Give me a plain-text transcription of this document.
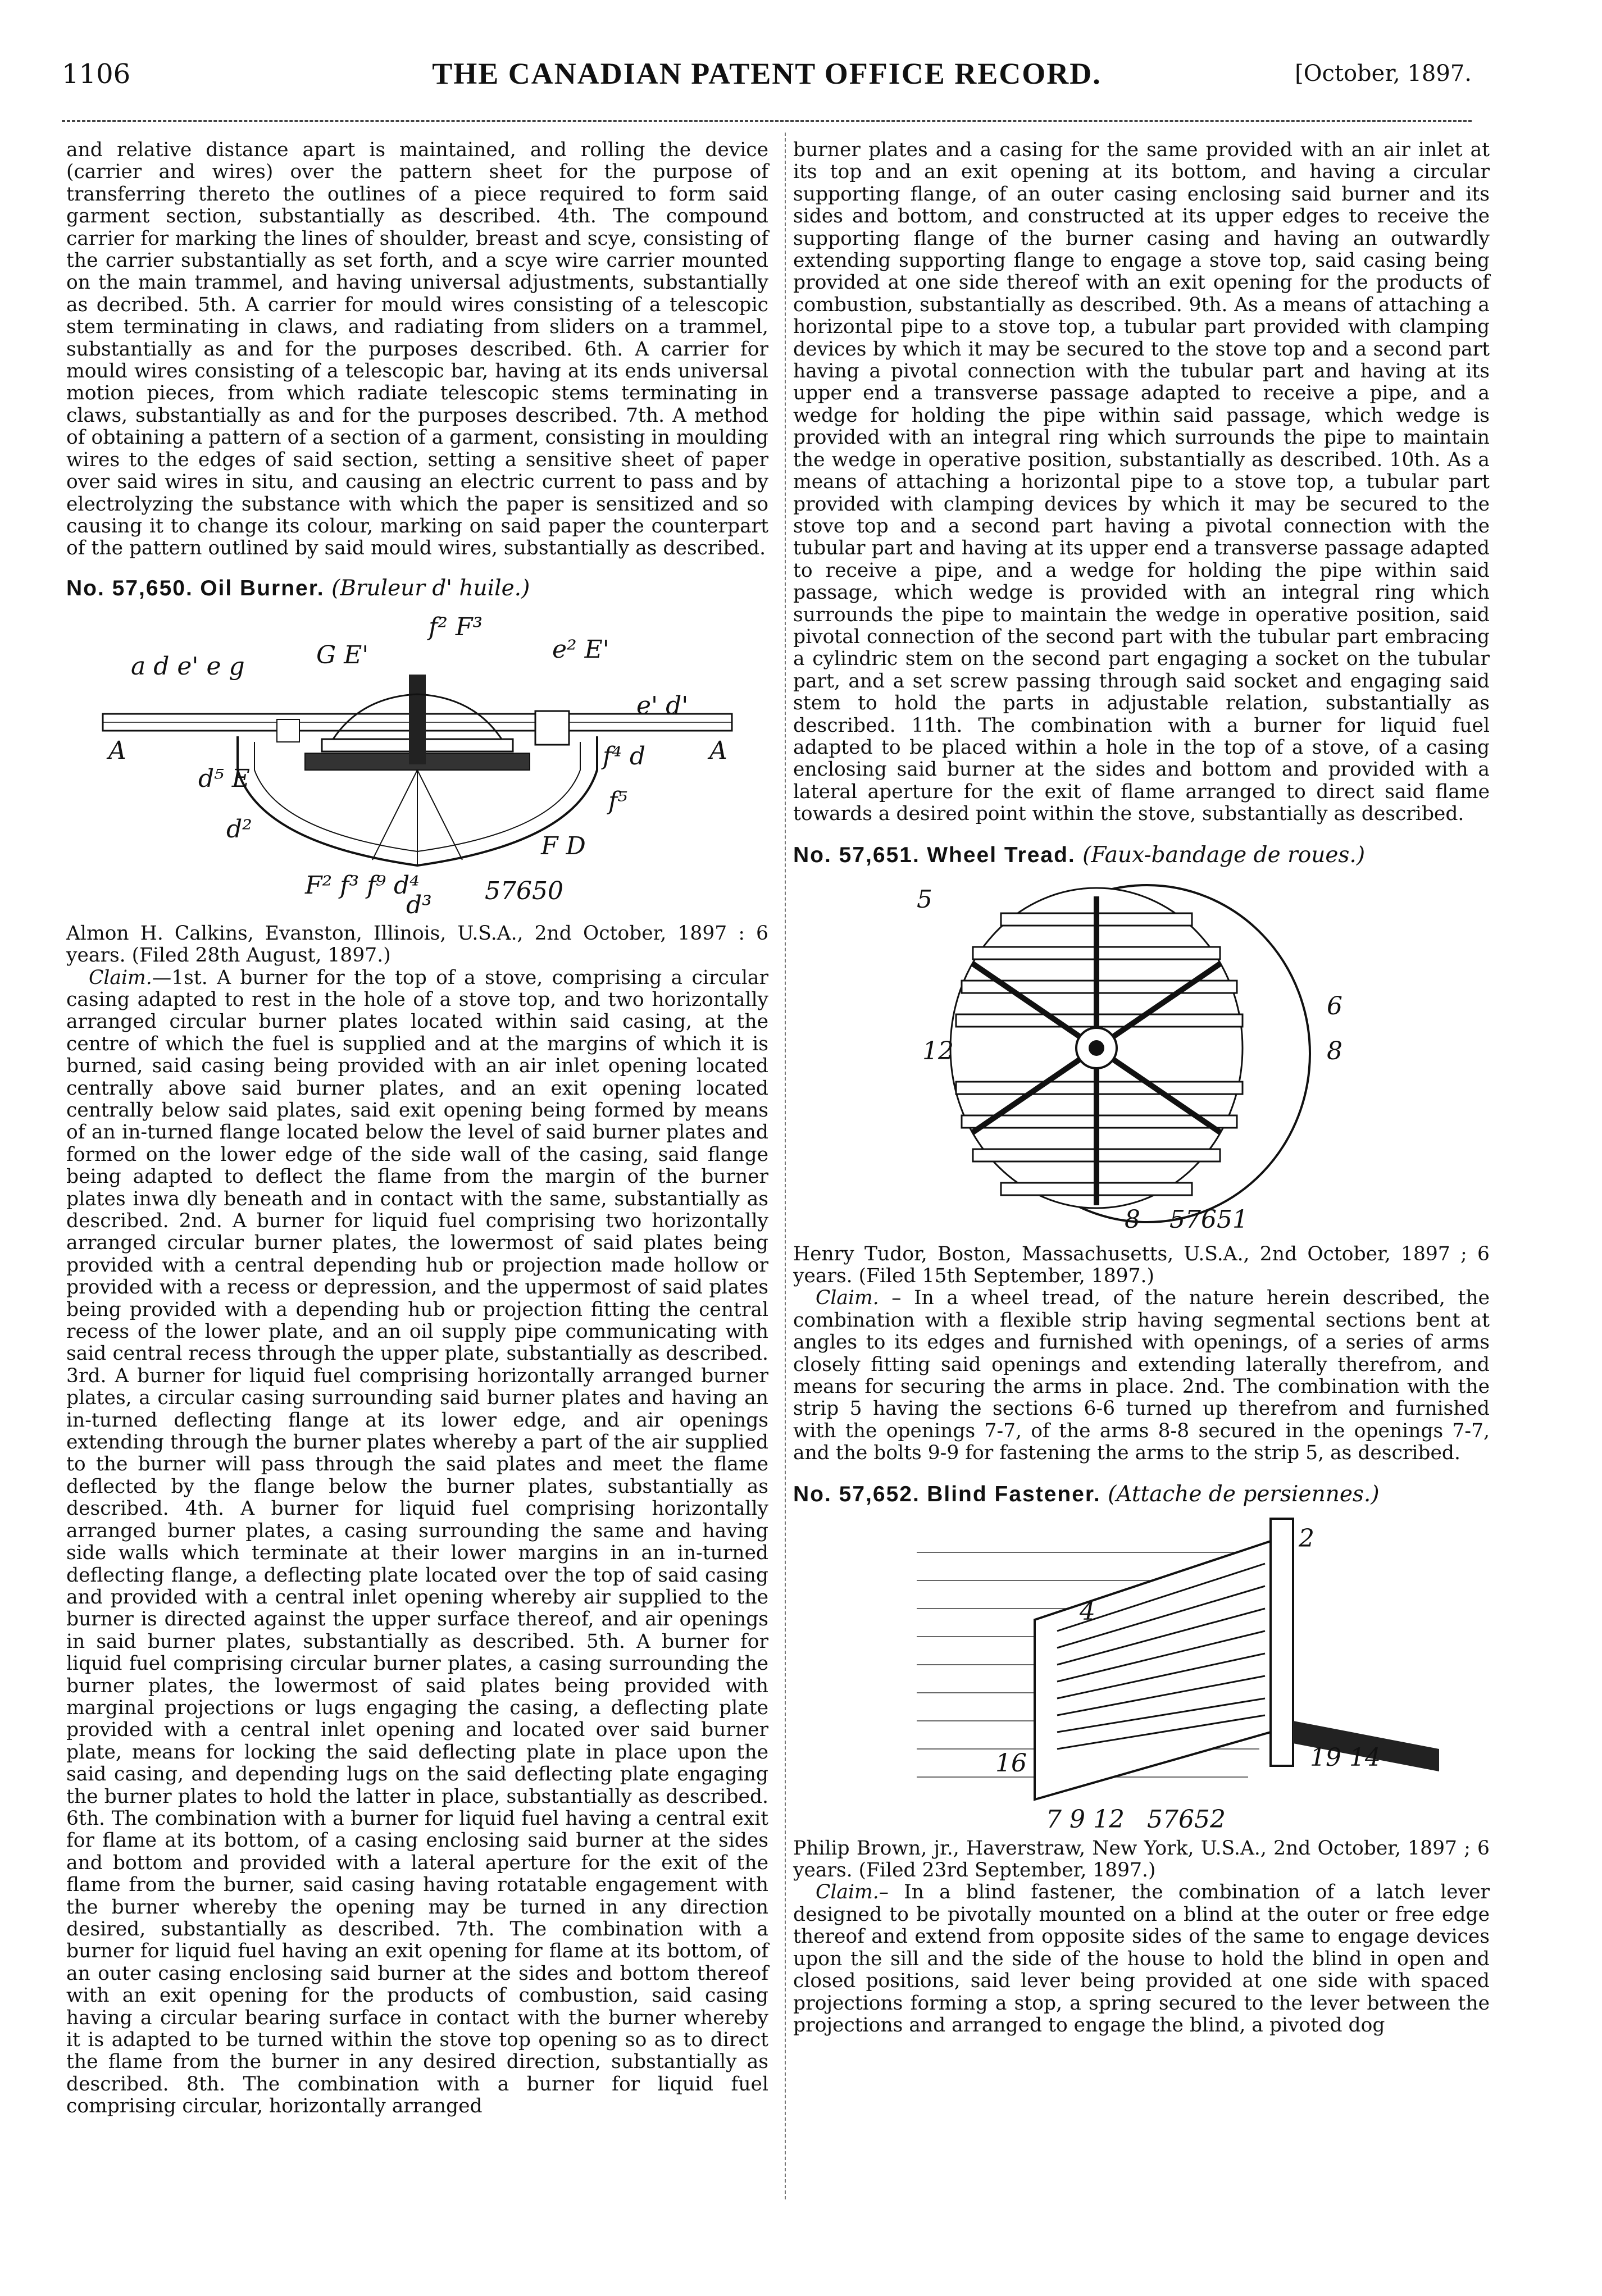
1106	THE CANADIAN PATENT OFFICE RECORD.	[October, 1897.

and relative distance apart is maintained, and rolling the device (carrier and wires) over the pattern sheet for the purpose of transferring thereto the outlines of a piece required to form said garment section, substantially as described. 4th. The compound carrier for marking the lines of shoulder, breast and scye, consisting of the carrier substantially as set forth, and a scye wire carrier mounted on the main trammel, and having universal adjustments, substantially as decribed. 5th. A carrier for mould wires consisting of a telescopic stem terminating in claws, and radiating from sliders on a trammel, substantially as and for the purposes described. 6th. A carrier for mould wires consisting of a telescopic bar, having at its ends universal motion pieces, from which radiate telescopic stems terminating in claws, substantially as and for the purposes described. 7th. A method of obtaining a pattern of a section of a garment, consisting in moulding wires to the edges of said section, setting a sensitive sheet of paper over said wires in situ, and causing an electric current to pass and by electrolyzing the substance with which the paper is sensitized and so causing it to change its colour, marking on said paper the counterpart of the pattern outlined by said mould wires, substantially as described.

No. 57,650. Oil Burner. (Bruleur d' huile.)

a d e' e g	G E'
f² F³
e² E'
e' d'
A	A
d⁵ E
f⁴ d
f⁵
d²
F D
F² f³ f⁹ d⁴	57650
d³

Almon H. Calkins, Evanston, Illinois, U.S.A., 2nd October, 1897 : 6 years. (Filed 28th August, 1897.)

Claim.—1st. A burner for the top of a stove, comprising a circular casing adapted to rest in the hole of a stove top, and two horizontally arranged circular burner plates located within said casing, at the centre of which the fuel is supplied and at the margins of which it is burned, said casing being provided with an air inlet opening located centrally above said burner plates, and an exit opening located centrally below said plates, said exit opening being formed by means of an in-turned flange located below the level of said burner plates and formed on the lower edge of the side wall of the casing, said flange being adapted to deflect the flame from the margin of the burner plates inwa dly beneath and in contact with the same, substantially as described. 2nd. A burner for liquid fuel comprising two horizontally arranged circular burner plates, the lowermost of said plates being provided with a central depending hub or projection made hollow or provided with a recess or depression, and the uppermost of said plates being provided with a depending hub or projection fitting the central recess of the lower plate, and an oil supply pipe communicating with said central recess through the upper plate, substantially as described. 3rd. A burner for liquid fuel comprising horizontally arranged burner plates, a circular casing surrounding said burner plates and having an in-turned deflecting flange at its lower edge, and air openings extending through the burner plates whereby a part of the air supplied to the burner will pass through the said plates and meet the flame deflected by the flange below the burner plates, substantially as described. 4th. A burner for liquid fuel comprising horizontally arranged burner plates, a casing surrounding the same and having side walls which terminate at their lower margins in an in-turned deflecting flange, a deflecting plate located over the top of said casing and provided with a central inlet opening whereby air supplied to the burner is directed against the upper surface thereof, and air openings in said burner plates, substantially as described. 5th. A burner for liquid fuel comprising circular burner plates, a casing surrounding the burner plates, the lowermost of said plates being provided with marginal projections or lugs engaging the casing, a deflecting plate provided with a central inlet opening and located over said burner plate, means for locking the said deflecting plate in place upon the said casing, and depending lugs on the said deflecting plate engaging the burner plates to hold the latter in place, substantially as described. 6th. The combination with a burner for liquid fuel having a central exit for flame at its bottom, of a casing enclosing said burner at the sides and bottom and provided with a lateral aperture for the exit of the flame from the burner, said casing having rotatable engagement with the burner whereby the opening may be turned in any direction desired, substantially as described. 7th. The combination with a burner for liquid fuel having an exit opening for flame at its bottom, of an outer casing enclosing said burner at the sides and bottom thereof with an exit opening for the products of combustion, said casing having a circular bearing surface in contact with the burner whereby it is adapted to be turned within the stove top opening so as to direct the flame from the burner in any desired direction, substantially as described. 8th. The combination with a burner for liquid fuel comprising circular, horizontally arranged

burner plates and a casing for the same provided with an air inlet at its top and an exit opening at its bottom, and having a circular supporting flange, of an outer casing enclosing said burner and its sides and bottom, and constructed at its upper edges to receive the supporting flange of the burner casing and having an outwardly extending supporting flange to engage a stove top, said casing being provided at one side thereof with an exit opening for the products of combustion, substantially as described. 9th. As a means of attaching a horizontal pipe to a stove top, a tubular part provided with clamping devices by which it may be secured to the stove top and a second part having a pivotal connection with the tubular part and having at its upper end a transverse passage adapted to receive a pipe, and a wedge for holding the pipe within said passage, which wedge is provided with an integral ring which surrounds the pipe to maintain the wedge in operative position, substantially as described. 10th. As a means of attaching a horizontal pipe to a stove top, a tubular part provided with clamping devices by which it may be secured to the stove top and a second part having a pivotal connection with the tubular part and having at its upper end a transverse passage adapted to receive a pipe, and a wedge for holding the pipe within said passage, which wedge is provided with an integral ring which surrounds the pipe to maintain the wedge in operative position, said pivotal connection of the second part with the tubular part embracing a cylindric stem on the second part engaging a socket on the tubular part, and a set screw passing through said socket and engaging said stem to hold the parts in adjustable relation, substantially as described. 11th. The combination with a burner for liquid fuel adapted to be placed within a hole in the top of a stove, of a casing enclosing said burner at the sides and bottom and provided with a lateral aperture for the exit of flame arranged to direct said flame towards a desired point within the stove, substantially as described.

No. 57,651. Wheel Tread. (Faux-bandage de roues.)

5
6
8
12
8 57651

Henry Tudor, Boston, Massachusetts, U.S.A., 2nd October, 1897 ; 6 years. (Filed 15th September, 1897.)

Claim. – In a wheel tread, of the nature herein described, the combination with a flexible strip having segmental sections bent at angles to its edges and furnished with openings, of a series of arms closely fitting said openings and extending laterally therefrom, and means for securing the arms in place. 2nd. The combination with the strip 5 having the sections 6-6 turned up therefrom and furnished with the openings 7-7, of the arms 8-8 secured in the openings 7-7, and the bolts 9-9 for fastening the arms to the strip 5, as described.

No. 57,652. Blind Fastener. (Attache de persiennes.)

2
4
16	19 14
7 9 12 57652

Philip Brown, jr., Haverstraw, New York, U.S.A., 2nd October, 1897 ; 6 years. (Filed 23rd September, 1897.)

Claim.– In a blind fastener, the combination of a latch lever designed to be pivotally mounted on a blind at the outer or free edge thereof and extend from opposite sides of the same to engage devices upon the sill and the side of the house to hold the blind in open and closed positions, said lever being provided at one side with spaced projections forming a stop, a spring secured to the lever between the projections and arranged to engage the blind, a pivoted dog
